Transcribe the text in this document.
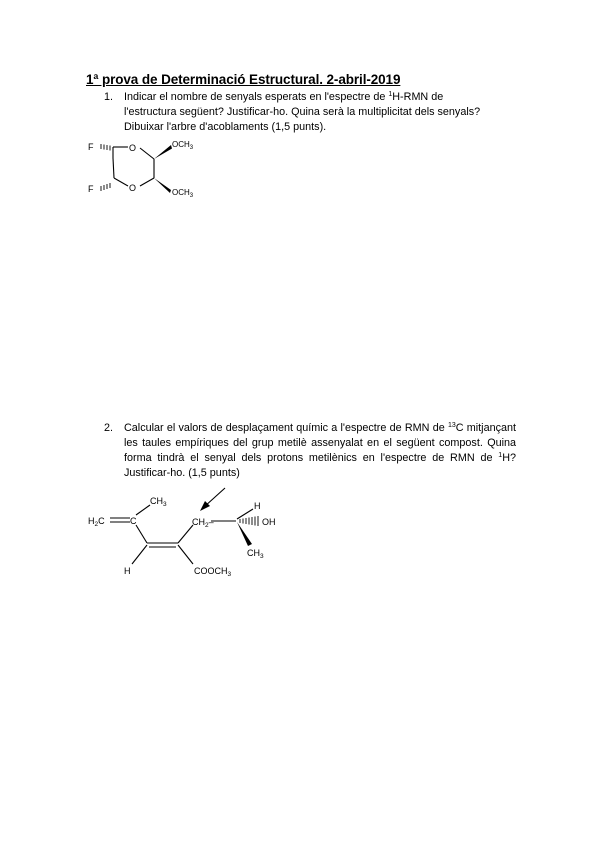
1ª prova de Determinació Estructural. 2-abril-2019
1. Indicar el nombre de senyals esperats en l'espectre de $^1$H-RMN de l'estructura següent? Justificar-ho. Quina serà la multiplicitat dels senyals? Dibuixar l'arbre d'acoblaments (1,5 punts).
F
F
O
O
$OCH_3$
$OCH_3$
2. Calcular el valors de desplaçament químic a l'espectre de RMN de $^{13}$C mitjançant les taules empíriques del grup metilè assenyalat en el següent compost. Quina forma tindrà el senyal dels protons metilènics en l'espectre de RMN de $^1$H? Justificar-ho. (1,5 punts)
$H_2C$	C
$CH_3$
$CH_2-$
H
OH
$CH_3$
H	$COOCH_3$
